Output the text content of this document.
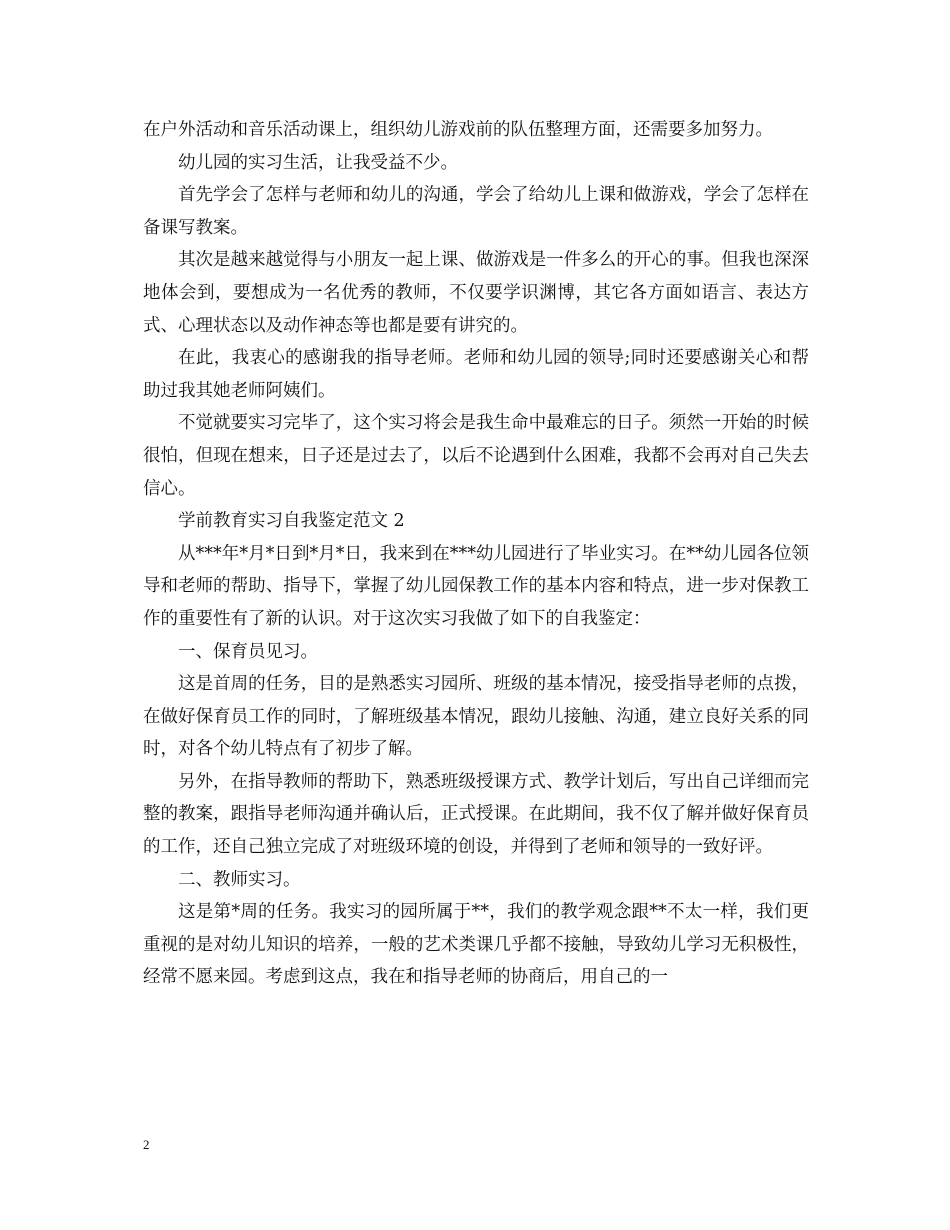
在户外活动和音乐活动课上，组织幼儿游戏前的队伍整理方面，还需要多加努力。

幼儿园的实习生活，让我受益不少。

首先学会了怎样与老师和幼儿的沟通，学会了给幼儿上课和做游戏，学会了怎样在备课写教案。

其次是越来越觉得与小朋友一起上课、做游戏是一件多么的开心的事。但我也深深地体会到，要想成为一名优秀的教师，不仅要学识渊博，其它各方面如语言、表达方式、心理状态以及动作神态等也都是要有讲究的。

在此，我衷心的感谢我的指导老师。老师和幼儿园的领导;同时还要感谢关心和帮助过我其她老师阿姨们。

不觉就要实习完毕了，这个实习将会是我生命中最难忘的日子。须然一开始的时候很怕，但现在想来，日子还是过去了，以后不论遇到什么困难，我都不会再对自己失去信心。

学前教育实习自我鉴定范文 2

从***年*月*日到*月*日，我来到在***幼儿园进行了毕业实习。在**幼儿园各位领导和老师的帮助、指导下，掌握了幼儿园保教工作的基本内容和特点，进一步对保教工作的重要性有了新的认识。对于这次实习我做了如下的自我鉴定：

一、保育员见习。

这是首周的任务，目的是熟悉实习园所、班级的基本情况，接受指导老师的点拨，在做好保育员工作的同时，了解班级基本情况，跟幼儿接触、沟通，建立良好关系的同时，对各个幼儿特点有了初步了解。

另外，在指导教师的帮助下，熟悉班级授课方式、教学计划后，写出自己详细而完整的教案，跟指导老师沟通并确认后，正式授课。在此期间，我不仅了解并做好保育员的工作，还自己独立完成了对班级环境的创设，并得到了老师和领导的一致好评。

二、教师实习。

这是第*周的任务。我实习的园所属于**，我们的教学观念跟**不太一样，我们更重视的是对幼儿知识的培养，一般的艺术类课几乎都不接触，导致幼儿学习无积极性，经常不愿来园。考虑到这点，我在和指导老师的协商后，用自己的一

2
